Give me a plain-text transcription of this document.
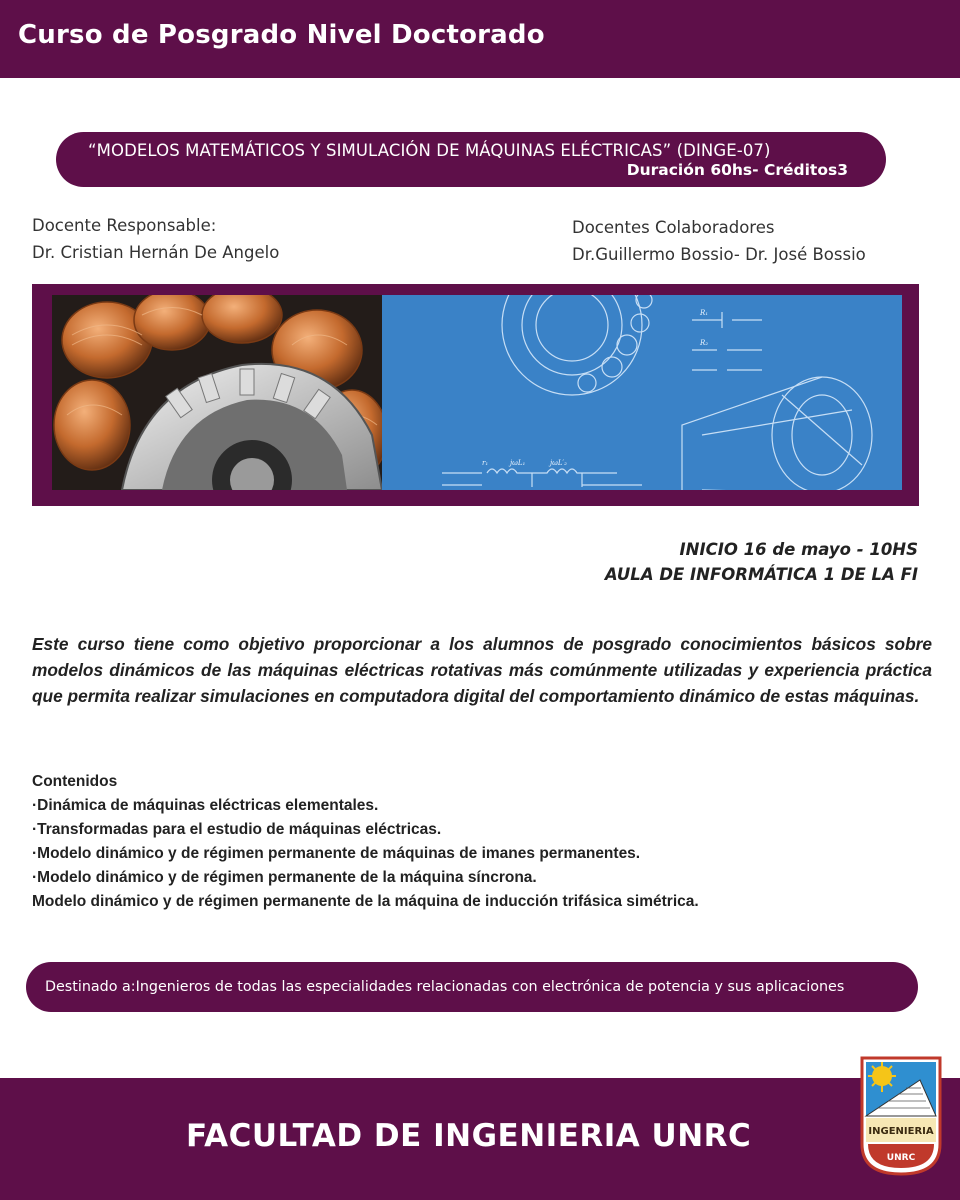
Curso de Posgrado Nivel Doctorado
“MODELOS MATEMÁTICOS Y SIMULACIÓN DE MÁQUINAS ELÉCTRICAS” (DINGE-07)
Duración 60hs- Créditos3
Docente Responsable:
Dr. Cristian Hernán De Angelo
Docentes Colaboradores
Dr.Guillermo Bossio- Dr. José Bossio
r₁	jωL₁	jωL′₂
R₁
R₂
INICIO 16 de mayo - 10HS
AULA DE INFORMÁTICA 1 DE LA FI
Este curso tiene como objetivo proporcionar a los alumnos de posgrado conocimientos básicos sobre modelos dinámicos de las máquinas eléctricas rotativas más comúnmente utilizadas y experiencia práctica que permita realizar simulaciones en computadora digital del comportamiento dinámico de estas máquinas.
Contenidos
·Dinámica de máquinas eléctricas elementales.
·Transformadas para el estudio de máquinas eléctricas.
·Modelo dinámico y de régimen permanente de máquinas de imanes permanentes.
·Modelo dinámico y de régimen permanente de la máquina síncrona.
Modelo dinámico y de régimen permanente de la máquina de inducción trifásica simétrica.
Destinado a:Ingenieros de todas las especialidades relacionadas con electrónica de potencia y sus aplicaciones
FACULTAD DE INGENIERIA UNRC	INGENIERIA
UNRC
